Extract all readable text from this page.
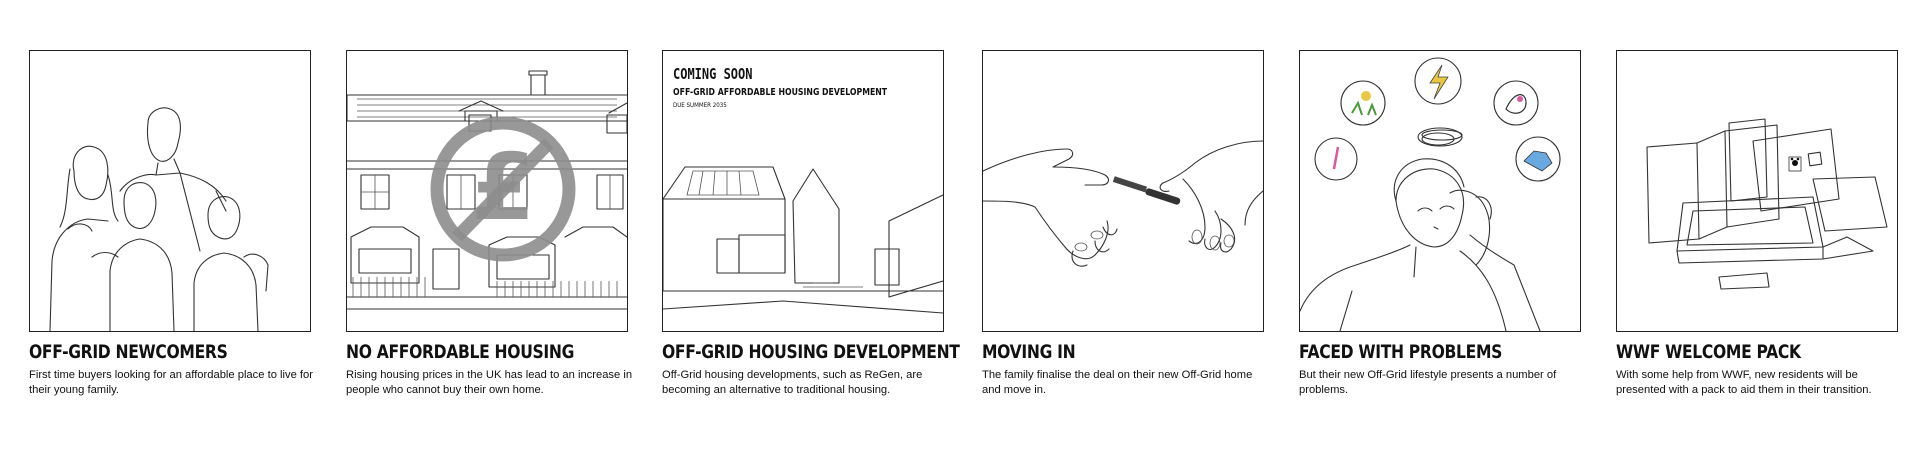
OFF-GRID NEWCOMERS
First time buyers looking for an affordable place to live for their young family.
£
NO AFFORDABLE HOUSING
Rising housing prices in the UK has lead to an increase in people who cannot buy their own home.
COMING SOON
OFF-GRID AFFORDABLE HOUSING DEVELOPMENT
DUE SUMMER 2035
OFF-GRID HOUSING DEVELOPMENT
Off-Grid housing developments, such as ReGen, are becoming an alternative to traditional housing.
MOVING IN
The family finalise the deal on their new Off-Grid home and move in.
FACED WITH PROBLEMS
But their new Off-Grid lifestyle presents a number of problems.
WWF WELCOME PACK
With some help from WWF, new residents will be presented with a pack to aid them in their transition.
